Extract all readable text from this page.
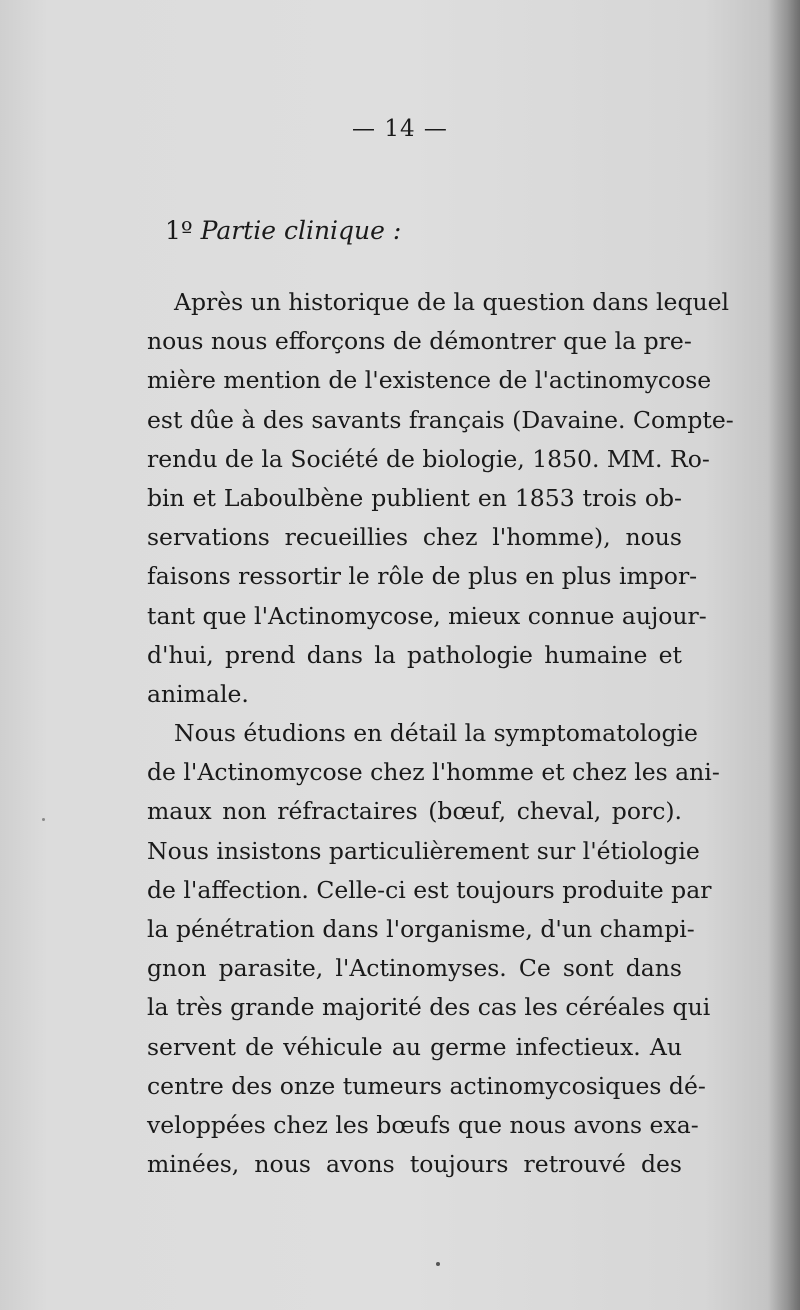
— 14 —
1º Partie clinique :
Après un historique de la question dans lequel
nous nous efforçons de démontrer que la pre-
mière mention de l'existence de l'actinomycose
est dûe à des savants français (Davaine. Compte-
rendu de la Société de biologie, 1850. MM. Ro-
bin et Laboulbène publient en 1853 trois ob-
servations recueillies chez l'homme), nous
faisons ressortir le rôle de plus en plus impor-
tant que l'Actinomycose, mieux connue aujour-
d'hui, prend dans la pathologie humaine et
animale.
Nous étudions en détail la symptomatologie
de l'Actinomycose chez l'homme et chez les ani-
maux non réfractaires (bœuf, cheval, porc).
Nous insistons particulièrement sur l'étiologie
de l'affection. Celle-ci est toujours produite par
la pénétration dans l'organisme, d'un champi-
gnon parasite, l'Actinomyses. Ce sont dans
la très grande majorité des cas les céréales qui
servent de véhicule au germe infectieux. Au
centre des onze tumeurs actinomycosiques dé-
veloppées chez les bœufs que nous avons exa-
minées, nous avons toujours retrouvé des
